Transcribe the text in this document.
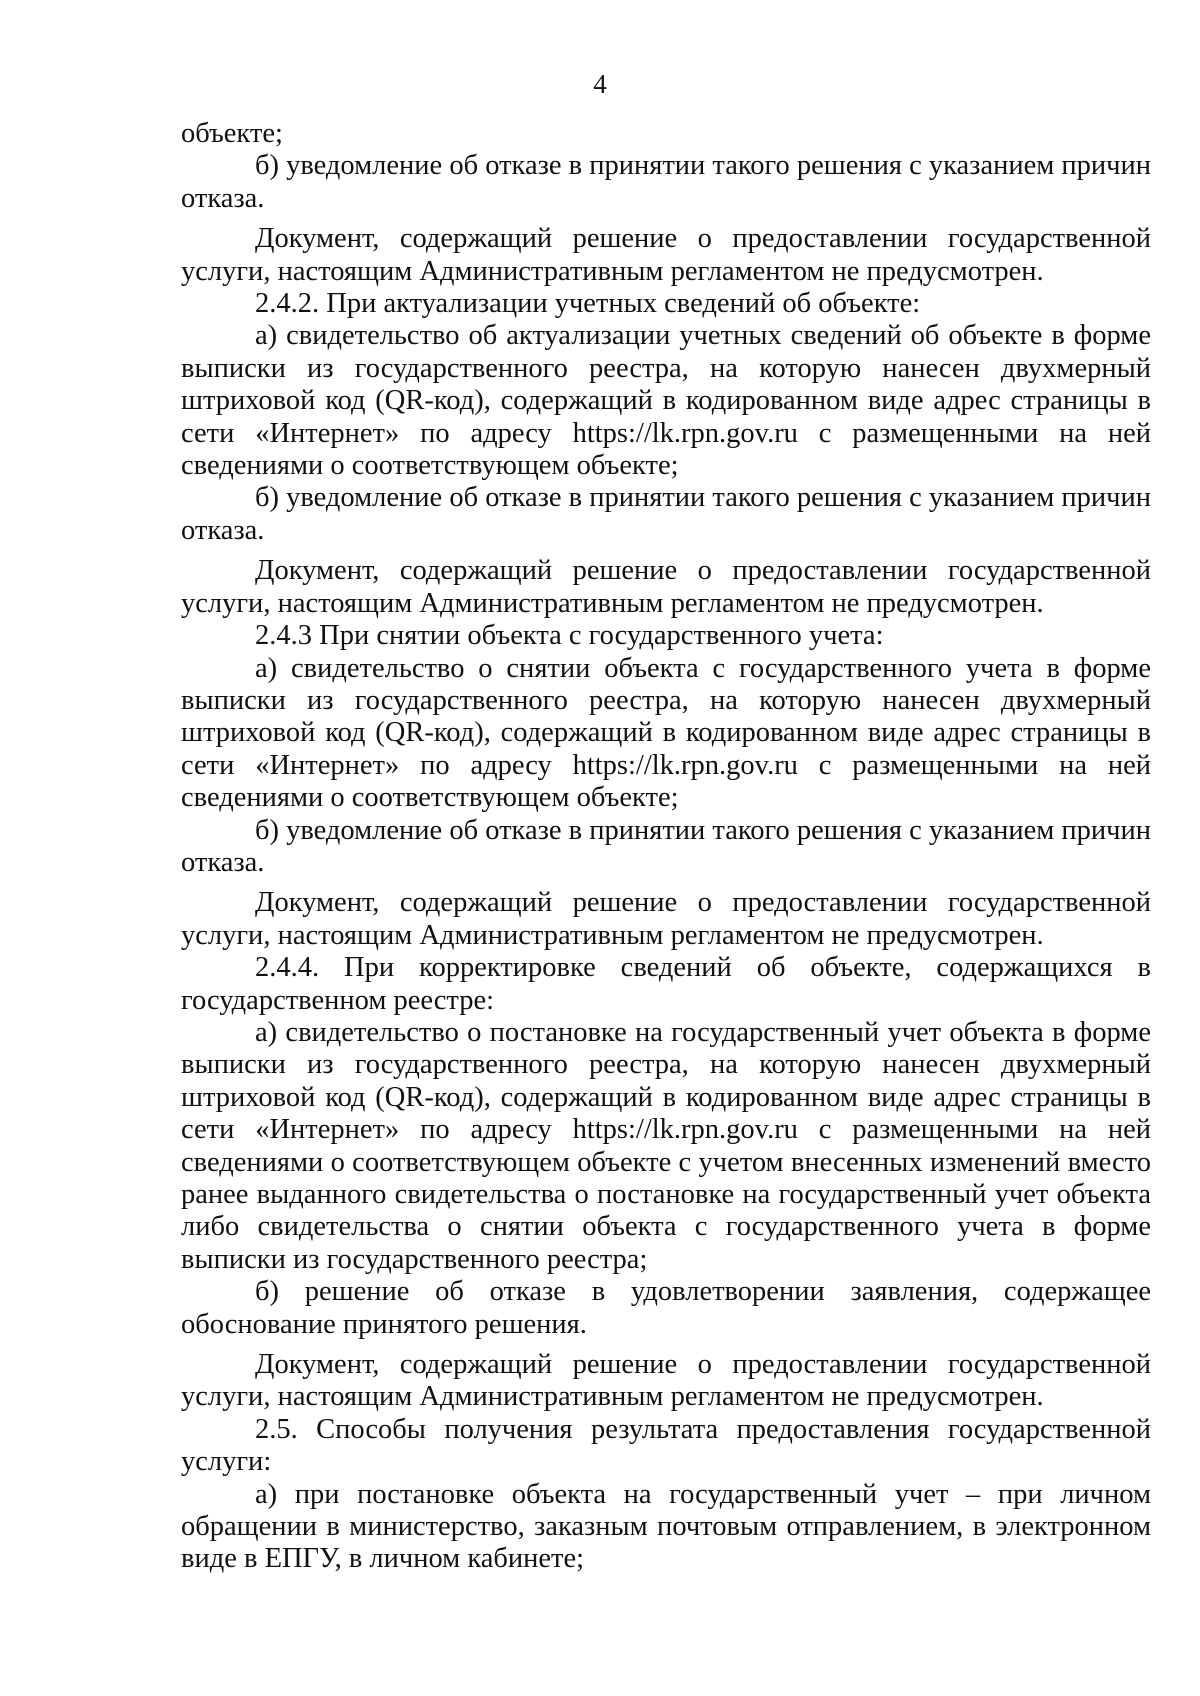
4

объекте;

б) уведомление об отказе в принятии такого решения с указанием причин отказа.

Документ, содержащий решение о предоставлении государственной услуги, настоящим Административным регламентом не предусмотрен.

2.4.2. При актуализации учетных сведений об объекте:

а) свидетельство об актуализации учетных сведений об объекте в форме выписки из государственного реестра, на которую нанесен двухмерный штриховой код (QR-код), содержащий в кодированном виде адрес страницы в сети «Интернет» по адресу https://lk.rpn.gov.ru с размещенными на ней сведениями о соответствующем объекте;

б) уведомление об отказе в принятии такого решения с указанием причин отказа.

Документ, содержащий решение о предоставлении государственной услуги, настоящим Административным регламентом не предусмотрен.

2.4.3 При снятии объекта с государственного учета:

а) свидетельство о снятии объекта с государственного учета в форме выписки из государственного реестра, на которую нанесен двухмерный штриховой код (QR-код), содержащий в кодированном виде адрес страницы в сети «Интернет» по адресу https://lk.rpn.gov.ru с размещенными на ней сведениями о соответствующем объекте;

б) уведомление об отказе в принятии такого решения с указанием причин отказа.

Документ, содержащий решение о предоставлении государственной услуги, настоящим Административным регламентом не предусмотрен.

2.4.4. При корректировке сведений об объекте, содержащихся в государственном реестре:

а) свидетельство о постановке на государственный учет объекта в форме выписки из государственного реестра, на которую нанесен двухмерный штриховой код (QR-код), содержащий в кодированном виде адрес страницы в сети «Интернет» по адресу https://lk.rpn.gov.ru с размещенными на ней сведениями о соответствующем объекте с учетом внесенных изменений вместо ранее выданного свидетельства о постановке на государственный учет объекта либо свидетельства о снятии объекта с государственного учета в форме выписки из государственного реестра;

б) решение об отказе в удовлетворении заявления, содержащее обоснование принятого решения.

Документ, содержащий решение о предоставлении государственной услуги, настоящим Административным регламентом не предусмотрен.

2.5. Способы получения результата предоставления государственной услуги:

а) при постановке объекта на государственный учет – при личном обращении в министерство, заказным почтовым отправлением, в электронном виде в ЕПГУ, в личном кабинете;
